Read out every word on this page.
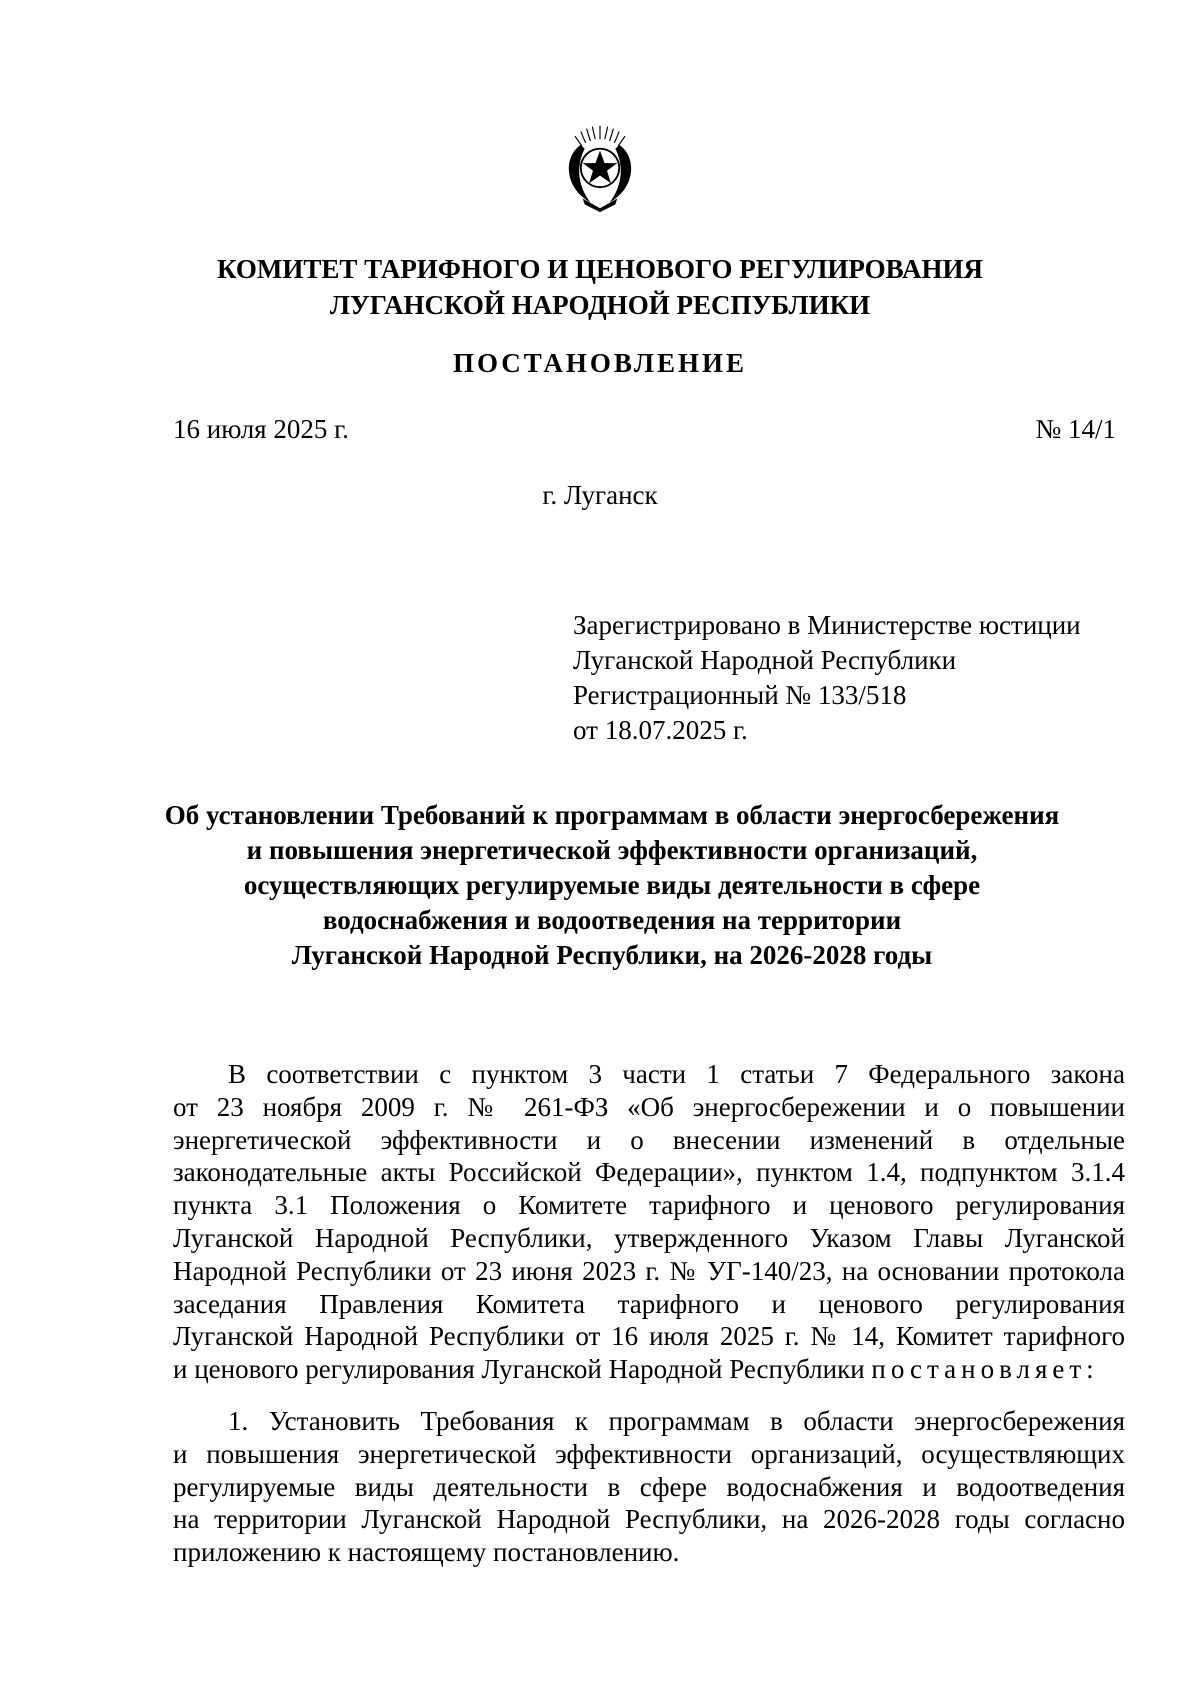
КОМИТЕТ ТАРИФНОГО И ЦЕНОВОГО РЕГУЛИРОВАНИЯ
ЛУГАНСКОЙ НАРОДНОЙ РЕСПУБЛИКИ
ПОСТАНОВЛЕНИЕ
16 июля 2025 г.	№ 14/1
г. Луганск
Зарегистрировано в Министерстве юстиции
Луганской Народной Республики
Регистрационный № 133/518
от 18.07.2025 г.
Об установлении Требований к программам в области энергосбережения
и повышения энергетической эффективности организаций,
осуществляющих регулируемые виды деятельности в сфере
водоснабжения и водоотведения на территории
Луганской Народной Республики, на 2026-2028 годы
В соответствии с пунктом 3 части 1 статьи 7 Федерального закона
от 23 ноября 2009 г. № 261-ФЗ «Об энергосбережении и о повышении
энергетической эффективности и о внесении изменений в отдельные
законодательные акты Российской Федерации», пунктом 1.4, подпунктом 3.1.4
пункта 3.1 Положения о Комитете тарифного и ценового регулирования
Луганской Народной Республики, утвержденного Указом Главы Луганской
Народной Республики от 23 июня 2023 г. № УГ-140/23, на основании протокола
заседания Правления Комитета тарифного и ценового регулирования
Луганской Народной Республики от 16 июля 2025 г. № 14, Комитет тарифного
и ценового регулирования Луганской Народной Республики постановляет:
1. Установить Требования к программам в области энергосбережения
и повышения энергетической эффективности организаций, осуществляющих
регулируемые виды деятельности в сфере водоснабжения и водоотведения
на территории Луганской Народной Республики, на 2026-2028 годы согласно
приложению к настоящему постановлению.
